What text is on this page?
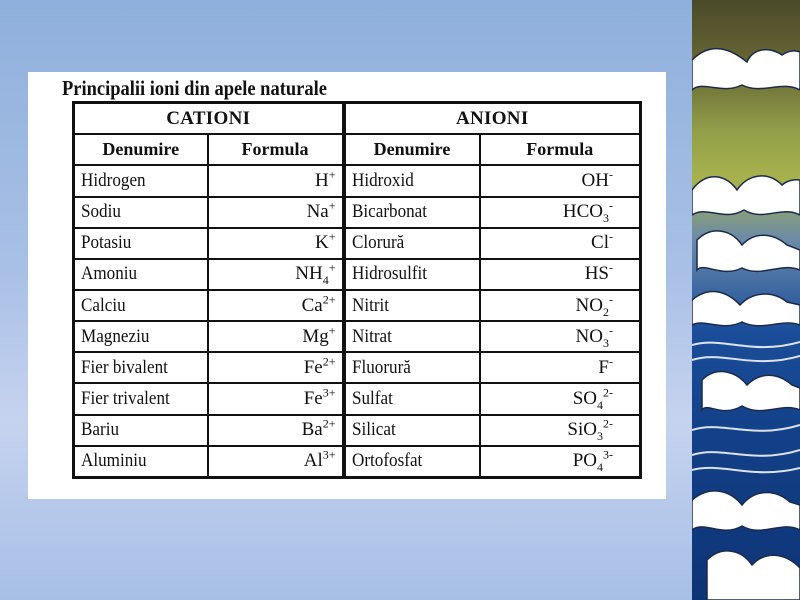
Principalii ioni din apele naturale
CATIONI		ANIONI	
Denumire	Formula	Denumire	Formula
Hidrogen	H+	Hidroxid	OH-
Sodiu	Na+	Bicarbonat	$HCO_3^-$
Potasiu	K+	Clorură	Cl-
Amoniu	$NH_4^+$	Hidrosulfit	HS-
Calciu	$Ca^{2+}$	Nitrit	$NO_2^-$
Magneziu	Mg+	Nitrat	$NO_3^-$
Fier bivalent	$Fe^{2+}$	Fluorură	F-
Fier trivalent	$Fe^{3+}$	Sulfat	$SO_4^{2-}$
Bariu	$Ba^{2+}$	Silicat	SiO$_3^{2-}$
Aluminiu	$Al^{3+}$	Ortofosfat	$PO_4^{3-}$
